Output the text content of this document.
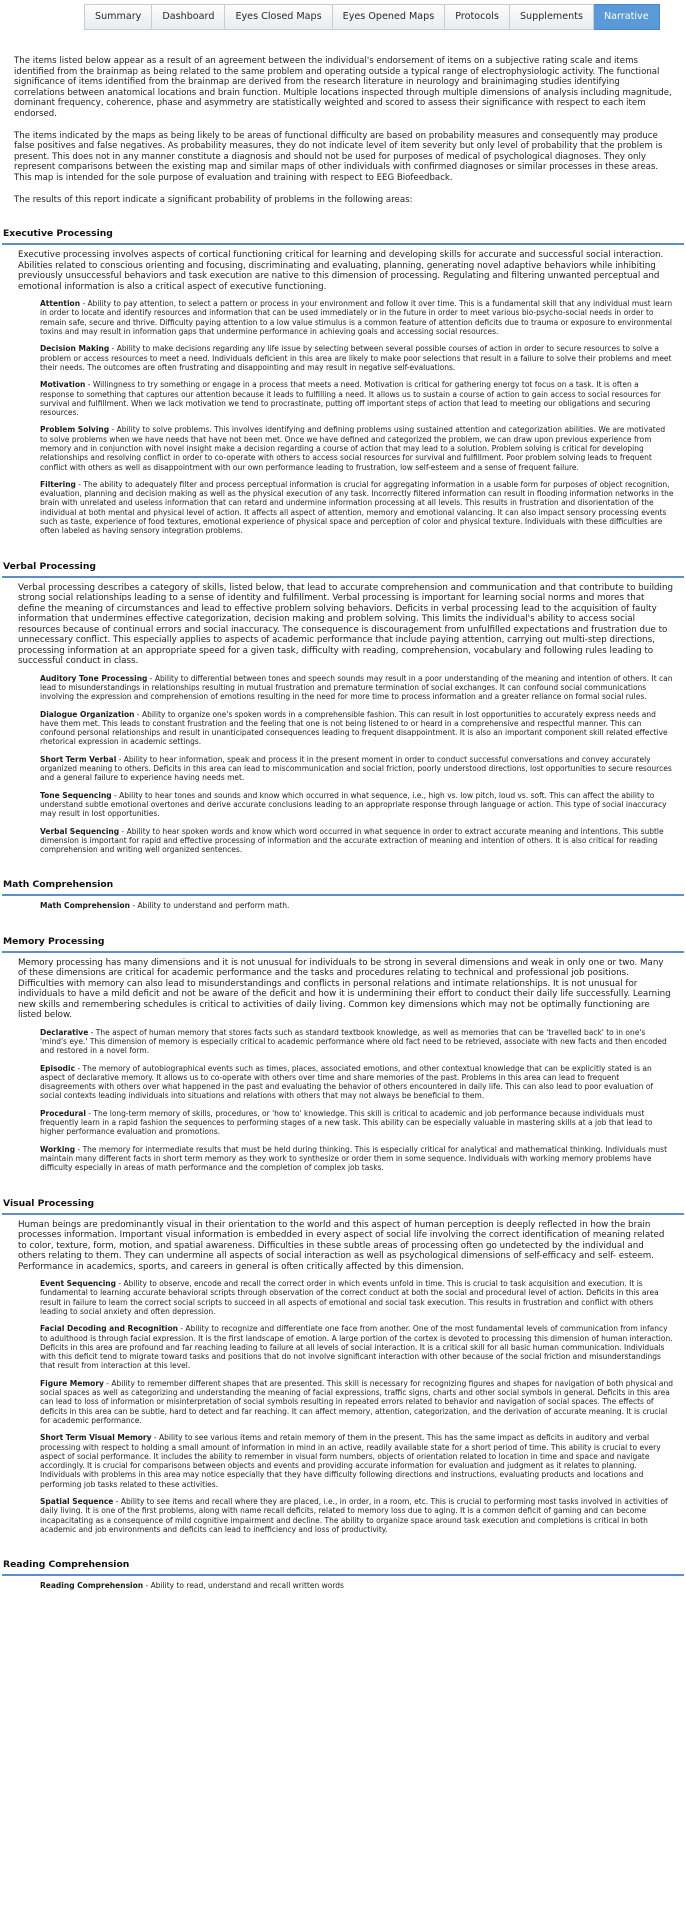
Summary	Dashboard	Eyes Closed Maps	Eyes Opened Maps	Protocols	Supplements	Narrative

The items listed below appear as a result of an agreement between the individual's endorsement of items on a subjective rating scale and items identified from the brainmap as being related to the same problem and operating outside a typical range of electrophysiologic activity. The functional significance of items identified from the brainmap are derived from the research literature in neurology and brainimaging studies identifying correlations between anatomical locations and brain function. Multiple locations inspected through multiple dimensions of analysis including magnitude, dominant frequency, coherence, phase and asymmetry are statistically weighted and scored to assess their significance with respect to each item endorsed.

The items indicated by the maps as being likely to be areas of functional difficulty are based on probability measures and consequently may produce false positives and false negatives. As probability measures, they do not indicate level of item severity but only level of probability that the problem is present. This does not in any manner constitute a diagnosis and should not be used for purposes of medical of psychological diagnoses. They only represent comparisons between the existing map and similar maps of other individuals with confirmed diagnoses or similar processes in these areas. This map is intended for the sole purpose of evaluation and training with respect to EEG Biofeedback.

The results of this report indicate a significant probability of problems in the following areas:

Executive Processing
Executive processing involves aspects of cortical functioning critical for learning and developing skills for accurate and successful social interaction. Abilities related to conscious orienting and focusing, discriminating and evaluating, planning, generating novel adaptive behaviors while inhibiting previously unsuccessful behaviors and task execution are native to this dimension of processing. Regulating and filtering unwanted perceptual and emotional information is also a critical aspect of executive functioning.
Attention - Ability to pay attention, to select a pattern or process in your environment and follow it over time. This is a fundamental skill that any individual must learn in order to locate and identify resources and information that can be used immediately or in the future in order to meet various bio-psycho-social needs in order to remain safe, secure and thrive. Difficulty paying attention to a low value stimulus is a common feature of attention deficits due to trauma or exposure to environmental toxins and may result in information gaps that undermine performance in achieving goals and accessing social resources.
Decision Making - Ability to make decisions regarding any life issue by selecting between several possible courses of action in order to secure resources to solve a problem or access resources to meet a need. Individuals deficient in this area are likely to make poor selections that result in a failure to solve their problems and meet their needs. The outcomes are often frustrating and disappointing and may result in negative self-evaluations.
Motivation - Willingness to try something or engage in a process that meets a need. Motivation is critical for gathering energy tot focus on a task. It is often a response to something that captures our attention because it leads to fulfilling a need. It allows us to sustain a course of action to gain access to social resources for survival and fulfillment. When we lack motivation we tend to procrastinate, putting off important steps of action that lead to meeting our obligations and securing resources.
Problem Solving - Ability to solve problems. This involves identifying and defining problems using sustained attention and categorization abilities. We are motivated to solve problems when we have needs that have not been met. Once we have defined and categorized the problem, we can draw upon previous experience from memory and in conjunction with novel insight make a decision regarding a course of action that may lead to a solution. Problem solving is critical for developing relationships and resolving conflict in order to co-operate with others to access social resources for survival and fulfillment. Poor problem solving leads to frequent conflict with others as well as disappointment with our own performance leading to frustration, low self-esteem and a sense of frequent failure.
Filtering - The ability to adequately filter and process perceptual information is crucial for aggregating information in a usable form for purposes of object recognition, evaluation, planning and decision making as well as the physical execution of any task. Incorrectly filtered information can result in flooding information networks in the brain with unrelated and useless information that can retard and undermine information processing at all levels. This results in frustration and disorientation of the individual at both mental and physical level of action. It affects all aspect of attention, memory and emotional valancing. It can also impact sensory processing events such as taste, experience of food textures, emotional experience of physical space and perception of color and physical texture. Individuals with these difficulties are often labeled as having sensory integration problems.
Verbal Processing
Verbal processing describes a category of skills, listed below, that lead to accurate comprehension and communication and that contribute to building strong social relationships leading to a sense of identity and fulfillment. Verbal processing is important for learning social norms and mores that define the meaning of circumstances and lead to effective problem solving behaviors. Deficits in verbal processing lead to the acquisition of faulty information that undermines effective categorization, decision making and problem solving. This limits the individual's ability to access social resources because of continual errors and social inaccuracy. The consequence is discouragement from unfulfilled expectations and frustration due to unnecessary conflict. This especially applies to aspects of academic performance that include paying attention, carrying out multi-step directions, processing information at an appropriate speed for a given task, difficulty with reading, comprehension, vocabulary and following rules leading to successful conduct in class.
Auditory Tone Processing - Ability to differential between tones and speech sounds may result in a poor understanding of the meaning and intention of others. It can lead to misunderstandings in relationships resulting in mutual frustration and premature termination of social exchanges. It can confound social communications involving the expression and comprehension of emotions resulting in the need for more time to process information and a greater reliance on formal social rules.
Dialogue Organization - Ability to organize one's spoken words in a comprehensible fashion. This can result in lost opportunities to accurately express needs and have them met. This leads to constant frustration and the feeling that one is not being listened to or heard in a comprehensive and respectful manner. This can confound personal relationships and result in unanticipated consequences leading to frequent disappointment. It is also an important component skill related effective rhetorical expression in academic settings.
Short Term Verbal - Ability to hear information, speak and process it in the present moment in order to conduct successful conversations and convey accurately organized meaning to others. Deficits in this area can lead to miscommunication and social friction, poorly understood directions, lost opportunities to secure resources and a general failure to experience having needs met.
Tone Sequencing - Ability to hear tones and sounds and know which occurred in what sequence, i.e., high vs. low pitch, loud vs. soft. This can affect the ability to understand subtle emotional overtones and derive accurate conclusions leading to an appropriate response through language or action. This type of social inaccuracy may result in lost opportunities.
Verbal Sequencing - Ability to hear spoken words and know which word occurred in what sequence in order to extract accurate meaning and intentions. This subtle dimension is important for rapid and effective processing of information and the accurate extraction of meaning and intention of others. It is also critical for reading comprehension and writing well organized sentences.
Math Comprehension
Math Comprehension - Ability to understand and perform math.
Memory Processing
Memory processing has many dimensions and it is not unusual for individuals to be strong in several dimensions and weak in only one or two. Many of these dimensions are critical for academic performance and the tasks and procedures relating to technical and professional job positions. Difficulties with memory can also lead to misunderstandings and conflicts in personal relations and intimate relationships. It is not unusual for individuals to have a mild deficit and not be aware of the deficit and how it is undermining their effort to conduct their daily life successfully. Learning new skills and remembering schedules is critical to activities of daily living. Common key dimensions which may not be optimally functioning are listed below.
Declarative - The aspect of human memory that stores facts such as standard textbook knowledge, as well as memories that can be 'travelled back' to in one's 'mind's eye.' This dimension of memory is especially critical to academic performance where old fact need to be retrieved, associate with new facts and then encoded and restored in a novel form.
Episodic - The memory of autobiographical events such as times, places, associated emotions, and other contextual knowledge that can be explicitly stated is an aspect of declarative memory. It allows us to co-operate with others over time and share memories of the past. Problems in this area can lead to frequent disagreements with others over what happened in the past and evaluating the behavior of others encountered in daily life. This can also lead to poor evaluation of social contexts leading individuals into situations and relations with others that may not always be beneficial to them.
Procedural - The long-term memory of skills, procedures, or 'how to' knowledge. This skill is critical to academic and job performance because individuals must frequently learn in a rapid fashion the sequences to performing stages of a new task. This ability can be especially valuable in mastering skills at a job that lead to higher performance evaluation and promotions.
Working - The memory for intermediate results that must be held during thinking. This is especially critical for analytical and mathematical thinking. Individuals must maintain many different facts in short term memory as they work to synthesize or order them in some sequence. Individuals with working memory problems have difficulty especially in areas of math performance and the completion of complex job tasks.
Visual Processing
Human beings are predominantly visual in their orientation to the world and this aspect of human perception is deeply reflected in how the brain processes information. Important visual information is embedded in every aspect of social life involving the correct identification of meaning related to color, texture, form, motion, and spatial awareness. Difficulties in these subtle areas of processing often go undetected by the individual and others relating to them. They can undermine all aspects of social interaction as well as psychological dimensions of self-efficacy and self- esteem. Performance in academics, sports, and careers in general is often critically affected by this dimension.
Event Sequencing - Ability to observe, encode and recall the correct order in which events unfold in time. This is crucial to task acquisition and execution. It is fundamental to learning accurate behavioral scripts through observation of the correct conduct at both the social and procedural level of action. Deficits in this area result in failure to learn the correct social scripts to succeed in all aspects of emotional and social task execution. This results in frustration and conflict with others leading to social anxiety and often depression.
Facial Decoding and Recognition - Ability to recognize and differentiate one face from another. One of the most fundamental levels of communication from infancy to adulthood is through facial expression. It is the first landscape of emotion. A large portion of the cortex is devoted to processing this dimension of human interaction. Deficits in this area are profound and far reaching leading to failure at all levels of social interaction. It is a critical skill for all basic human communication. Individuals with this deficit tend to migrate toward tasks and positions that do not involve significant interaction with other because of the social friction and misunderstandings that result from interaction at this level.
Figure Memory - Ability to remember different shapes that are presented. This skill is necessary for recognizing figures and shapes for navigation of both physical and social spaces as well as categorizing and understanding the meaning of facial expressions, traffic signs, charts and other social symbols in general. Deficits in this area can lead to loss of information or misinterpretation of social symbols resulting in repeated errors related to behavior and navigation of social spaces. The effects of deficits in this area can be subtle, hard to detect and far reaching. It can affect memory, attention, categorization, and the derivation of accurate meaning. It is crucial for academic performance.
Short Term Visual Memory - Ability to see various items and retain memory of them in the present. This has the same impact as deficits in auditory and verbal processing with respect to holding a small amount of information in mind in an active, readily available state for a short period of time. This ability is crucial to every aspect of social performance. It includes the ability to remember in visual form numbers, objects of orientation related to location in time and space and navigate accordingly. It is crucial for comparisons between objects and events and providing accurate information for evaluation and judgment as it relates to planning. Individuals with problems in this area may notice especially that they have difficulty following directions and instructions, evaluating products and locations and performing job tasks related to these activities.
Spatial Sequence - Ability to see items and recall where they are placed, i.e., in order, in a room, etc. This is crucial to performing most tasks involved in activities of daily living. It is one of the first problems, along with name recall deficits, related to memory loss due to aging. It is a common deficit of gaming and can become incapacitating as a consequence of mild cognitive impairment and decline. The ability to organize space around task execution and completions is critical in both academic and job environments and deficits can lead to inefficiency and loss of productivity.
Reading Comprehension
Reading Comprehension - Ability to read, understand and recall written words
